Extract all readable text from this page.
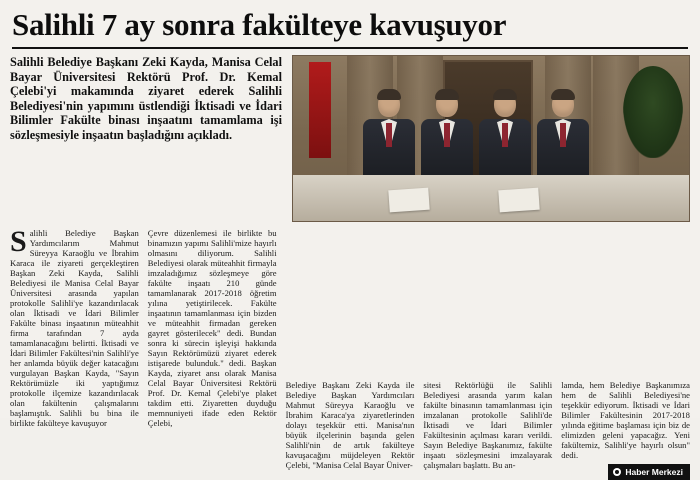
Salihli 7 ay sonra fakülteye kavuşuyor
Salihli Belediye Başkanı Zeki Kayda, Manisa Celal Bayar Üniversitesi Rektörü Prof. Dr. Kemal Çelebi'yi makamında ziyaret ederek Salihli Belediyesi'nin yapımını üstlendiği İktisadi ve İdari Bilimler Fakülte binası inşaatını tamamlama işi sözleşmesiyle inşaatın başladığını açıkladı.
Salihli Belediye Başkan Yardımcılarım Mahmut Süreyya Karaoğlu ve İbrahim Karaca ile ziyareti gerçekleştiren Başkan Zeki Kayda, Salihli Belediyesi ile Manisa Celal Bayar Üniversitesi arasında yapılan protokolle Salihli'ye kazandırılacak olan İktisadi ve İdari Bilimler Fakülte binası inşaatının müteahhit firma tarafından 7 ayda tamamlanacağını belirtti. İktisadi ve İdari Bilimler Fakültesi'nin Salihli'ye her anlamda büyük değer katacağını vurgulayan Başkan Kayda, "Sayın Rektörümüzle iki yaptığımız protokolle ilçemize kazandırılacak olan fakültenin çalışmalarını başlamıştık. Salihli bu bina ile birlikte fakülteye kavuşuyor
Çevre düzenlemesi ile birlikte bu binamızın yapımı Salihli'mize hayırlı olmasını diliyorum. Salihli Belediyesi olarak müteahhit firmayla imzaladığımız sözleşmeye göre fakülte inşaatı 210 günde tamamlanarak 2017-2018 öğretim yılına yetiştirilecek. Fakülte inşaatının tamamlanması için bizden ve müteahhit firmadan gereken gayret gösterilecek" dedi. Bundan sonra ki sürecin işleyişi hakkında Sayın Rektörümüzü ziyaret ederek istişarede bulunduk." dedi. Başkan Kayda, ziyaret ansı olarak Manisa Celal Bayar Üniversitesi Rektörü Prof. Dr. Kemal Çelebi'ye plaket takdim etti. Ziyaretten duyduğu memnuniyeti ifade eden Rektör Çelebi,
Belediye Başkanı Zeki Kayda ile Belediye Başkan Yardımcıları Mahmut Süreyya Karaoğlu ve İbrahim Karaca'ya ziyaretlerinden dolayı teşekkür etti. Manisa'nın büyük ilçelerinin başında gelen Salihli'nin de artık fakülteye kavuşacağını müjdeleyen Rektör Çelebi, "Manisa Celal Bayar Üniver-
sitesi Rektörlüğü ile Salihli Belediyesi arasında yarım kalan fakülte binasının tamamlanması için imzalanan protokolle Salihli'de İktisadi ve İdari Bilimler Fakültesinin açılması kararı verildi. Sayın Belediye Başkanımız, fakülte inşaatı sözleşmesini imzalayarak çalışmaları başlattı. Bu an-
lamda, hem Belediye Başkanımıza hem de Salihli Belediyesi'ne teşekkür ediyorum. İktisadi ve İdari Bilimler Fakültesinin 2017-2018 yılında eğitime başlaması için biz de elimizden geleni yapacağız. Yeni fakültemiz, Salihli'ye hayırlı olsun" dedi.
Haber Merkezi
